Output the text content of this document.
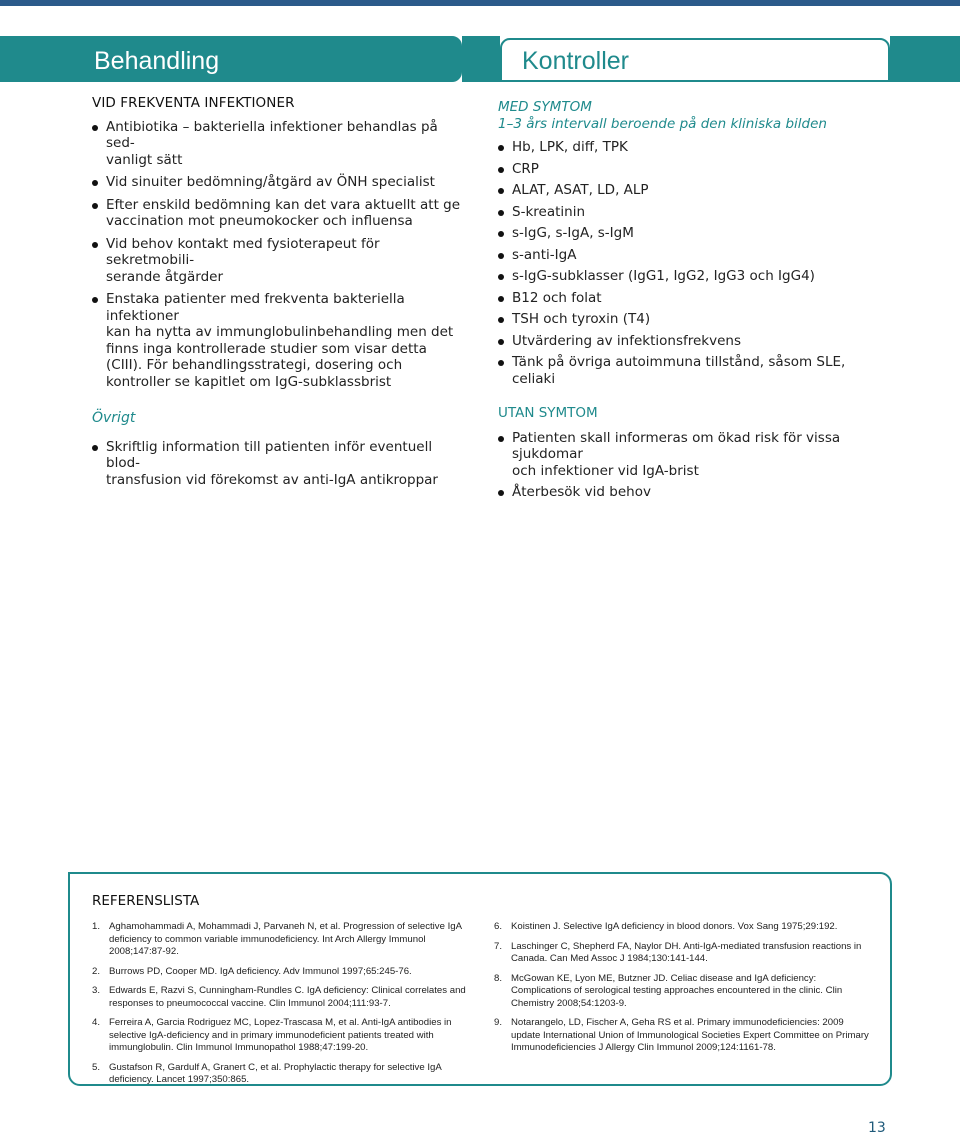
Behandling	Kontroller
VID FREKVENTA INFEKTIONER
Antibiotika – bakteriella infektioner behandlas på sed-
vanligt sätt
Vid sinuiter bedömning/åtgärd av ÖNH specialist
Efter enskild bedömning kan det vara aktuellt att ge
vaccination mot pneumokocker och influensa
Vid behov kontakt med fysioterapeut för sekretmobili-
serande åtgärder
Enstaka patienter med frekventa bakteriella infektioner
kan ha nytta av immunglobulinbehandling men det finns inga kontrollerade studier som visar detta (CIII). För behandlingsstrategi, dosering och kontroller se kapitlet om IgG-subklassbrist
Övrigt
Skriftlig information till patienten inför eventuell blod-
transfusion vid förekomst av anti-IgA antikroppar
MED SYMTOM
1–3 års intervall beroende på den kliniska bilden
Hb, LPK, diff, TPK
CRP
ALAT, ASAT, LD, ALP
S-kreatinin
s-IgG, s-IgA, s-IgM
s-anti-IgA
s-IgG-subklasser (IgG1, IgG2, IgG3 och IgG4)
B12 och folat
TSH och tyroxin (T4)
Utvärdering av infektionsfrekvens
Tänk på övriga autoimmuna tillstånd, såsom SLE, celiaki
UTAN SYMTOM
Patienten skall informeras om ökad risk för vissa sjukdomar
och infektioner vid IgA-brist
Återbesök vid behov
REFERENSLISTA
1. Aghamohammadi A, Mohammadi J, Parvaneh N, et al. Progression of selective IgA deficiency to common variable immunodeficiency. Int Arch Allergy Immunol 2008;147:87-92.
2. Burrows PD, Cooper MD. IgA deficiency. Adv Immunol 1997;65:245-76.
3. Edwards E, Razvi S, Cunningham-Rundles C. IgA deficiency: Clinical correlates and responses to pneumococcal vaccine. Clin Immunol 2004;111:93-7.
4. Ferreira A, Garcia Rodriguez MC, Lopez-Trascasa M, et al. Anti-IgA antibodies in selective IgA-deficiency and in primary immunodeficient patients treated with immunglobulin. Clin Immunol Immunopathol 1988;47:199-20.
5. Gustafson R, Gardulf A, Granert C, et al. Prophylactic therapy for selective IgA deficiency. Lancet 1997;350:865.
6. Koistinen J. Selective IgA deficiency in blood donors. Vox Sang 1975;29:192.
7. Laschinger C, Shepherd FA, Naylor DH. Anti-IgA-mediated transfusion reactions in Canada. Can Med Assoc J 1984;130:141-144.
8. McGowan KE, Lyon ME, Butzner JD. Celiac disease and IgA deficiency: Complications of serological testing approaches encountered in the clinic. Clin Chemistry 2008;54:1203-9.
9. Notarangelo, LD, Fischer A, Geha RS et al. Primary immunodeficiencies: 2009 update International Union of Immunological Societies Expert Committee on Primary Immunodeficiencies J Allergy Clin Immunol 2009;124:1161-78.
13
